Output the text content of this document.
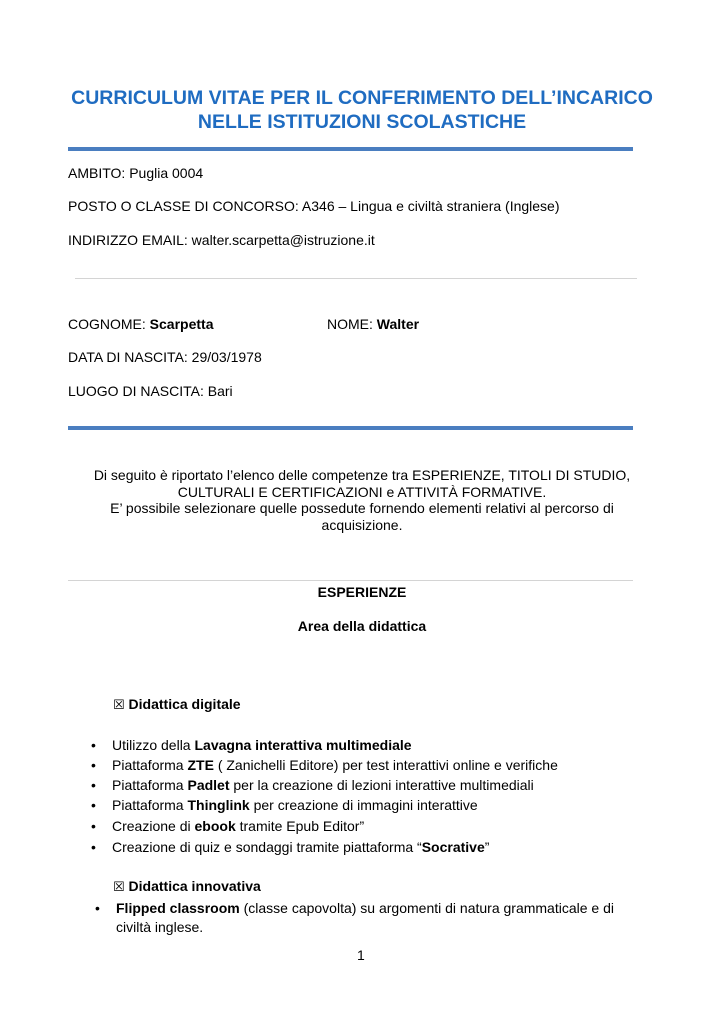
CURRICULUM VITAE PER IL CONFERIMENTO DELL’INCARICO
NELLE ISTITUZIONI SCOLASTICHE
AMBITO: Puglia 0004
POSTO O CLASSE DI CONCORSO: A346 – Lingua e civiltà straniera (Inglese)
INDIRIZZO EMAIL: walter.scarpetta@istruzione.it
COGNOME: Scarpetta	NOME: Walter
DATA DI NASCITA: 29/03/1978
LUOGO DI NASCITA: Bari
Di seguito è riportato l’elenco delle competenze tra ESPERIENZE, TITOLI DI STUDIO,
CULTURALI E CERTIFICAZIONI e ATTIVITÀ FORMATIVE.
E’ possibile selezionare quelle possedute fornendo elementi relativi al percorso di
acquisizione.
ESPERIENZE
Area della didattica
☒ Didattica digitale
• Utilizzo della Lavagna interattiva multimediale
• Piattaforma ZTE ( Zanichelli Editore) per test interattivi online e verifiche
• Piattaforma Padlet per la creazione di lezioni interattive multimediali
• Piattaforma Thinglink per creazione di immagini interattive
• Creazione di ebook tramite Epub Editor”
• Creazione di quiz e sondaggi tramite piattaforma “Socrative”
☒ Didattica innovativa
• Flipped classroom (classe capovolta) su argomenti di natura grammaticale e di
civiltà inglese.
1
